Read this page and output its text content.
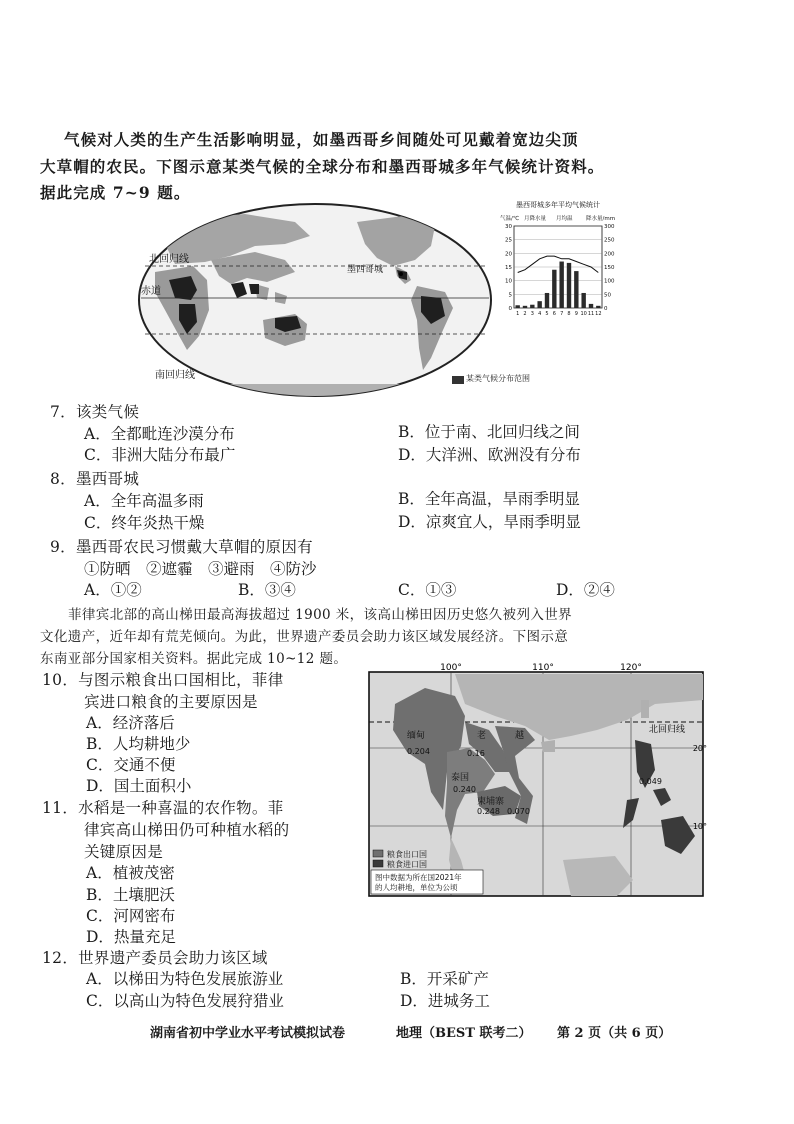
气候对人类的生产生活影响明显，如墨西哥乡间随处可见戴着宽边尖顶
大草帽的农民。下图示意某类气候的全球分布和墨西哥城多年气候统计资料。
据此完成 7~9 题。
北回归线
赤道
南回归线
墨西哥城
某类气候分布范围
墨西哥城多年平均气候统计
气温/℃ 月降水量 月均温 降水量/mm
30	300
25	250
20	200
15	150
10	100
5	50
0	0
1 2 3 4 5 6 7 8 9 10 11 12
7．该类气候
A．全都毗连沙漠分布	B．位于南、北回归线之间
C．非洲大陆分布最广	D．大洋洲、欧洲没有分布
8．墨西哥城
A．全年高温多雨	B．全年高温，旱雨季明显
C．终年炎热干燥	D．凉爽宜人，旱雨季明显
9．墨西哥农民习惯戴大草帽的原因有
①防晒　②遮霾　③避雨　④防沙
A．①②	B．③④	C．①③	D．②④
菲律宾北部的高山梯田最高海拔超过 1900 米，该高山梯田因历史悠久被列入世界
文化遗产，近年却有荒芜倾向。为此，世界遗产委员会助力该区域发展经济。下图示意
东南亚部分国家相关资料。据此完成 10~12 题。
10．与图示粮食出口国相比，菲律
宾进口粮食的主要原因是
A．经济落后
B．人均耕地少
C．交通不便
D．国土面积小
11．水稻是一种喜温的农作物。菲
律宾高山梯田仍可种植水稻的
关键原因是
A．植被茂密
B．土壤肥沃
C．河网密布
D．热量充足
12．世界遗产委员会助力该区域
A．以梯田为特色发展旅游业	B．开采矿产
C．以高山为特色发展狩猎业	D．进城务工
100°	110°	120°
20°
10°
北回归线
缅甸
0.204
老
0.16
越
泰国
0.240
柬埔寨
0.248 0.070
0.049
粮食出口国
粮食进口国
图中数据为所在国2021年
的人均耕地，单位为公顷
湖南省初中学业水平考试模拟试卷	地理（BEST 联考二） 第 2 页（共 6 页）
